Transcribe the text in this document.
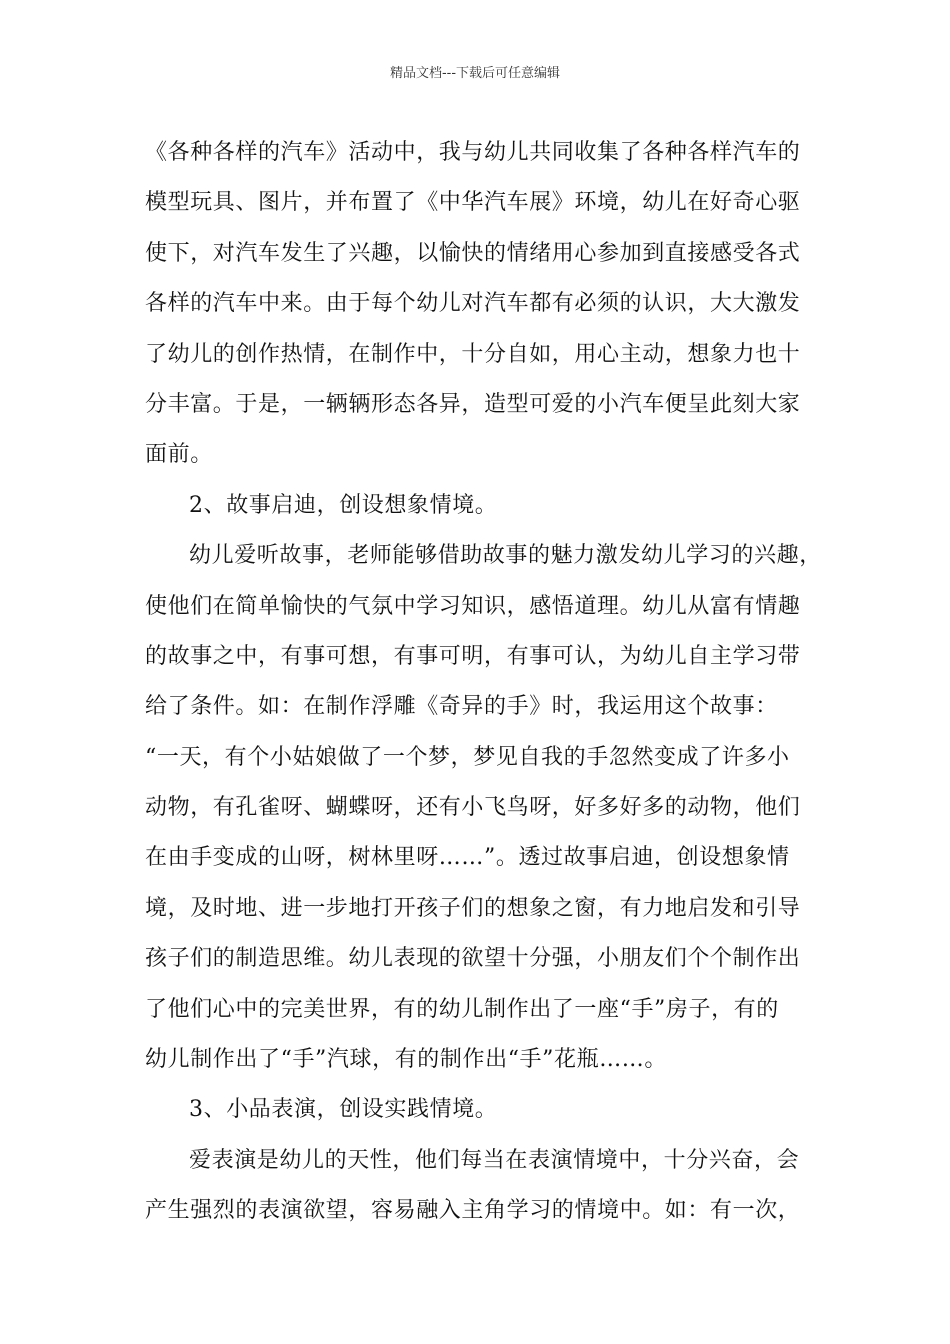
精品文档---下载后可任意编辑
《各种各样的汽车》活动中，我与幼儿共同收集了各种各样汽车的
模型玩具、图片，并布置了《中华汽车展》环境，幼儿在好奇心驱
使下，对汽车发生了兴趣，以愉快的情绪用心参加到直接感受各式
各样的汽车中来。由于每个幼儿对汽车都有必须的认识，大大激发
了幼儿的创作热情，在制作中，十分自如，用心主动，想象力也十
分丰富。于是，一辆辆形态各异，造型可爱的小汽车便呈此刻大家
面前。
2、故事启迪，创设想象情境。
幼儿爱听故事，老师能够借助故事的魅力激发幼儿学习的兴趣，
使他们在简单愉快的气氛中学习知识，感悟道理。幼儿从富有情趣
的故事之中，有事可想，有事可明，有事可认，为幼儿自主学习带
给了条件。如：在制作浮雕《奇异的手》时，我运用这个故事：
“一天，有个小姑娘做了一个梦，梦见自我的手忽然变成了许多小
动物，有孔雀呀、蝴蝶呀，还有小飞鸟呀，好多好多的动物，他们
在由手变成的山呀，树林里呀……”。透过故事启迪，创设想象情
境，及时地、进一步地打开孩子们的想象之窗，有力地启发和引导
孩子们的制造思维。幼儿表现的欲望十分强，小朋友们个个制作出
了他们心中的完美世界，有的幼儿制作出了一座“手”房子，有的
幼儿制作出了“手”汽球，有的制作出“手”花瓶……。
3、小品表演，创设实践情境。
爱表演是幼儿的天性，他们每当在表演情境中，十分兴奋，会
产生强烈的表演欲望，容易融入主角学习的情境中。如：有一次，
